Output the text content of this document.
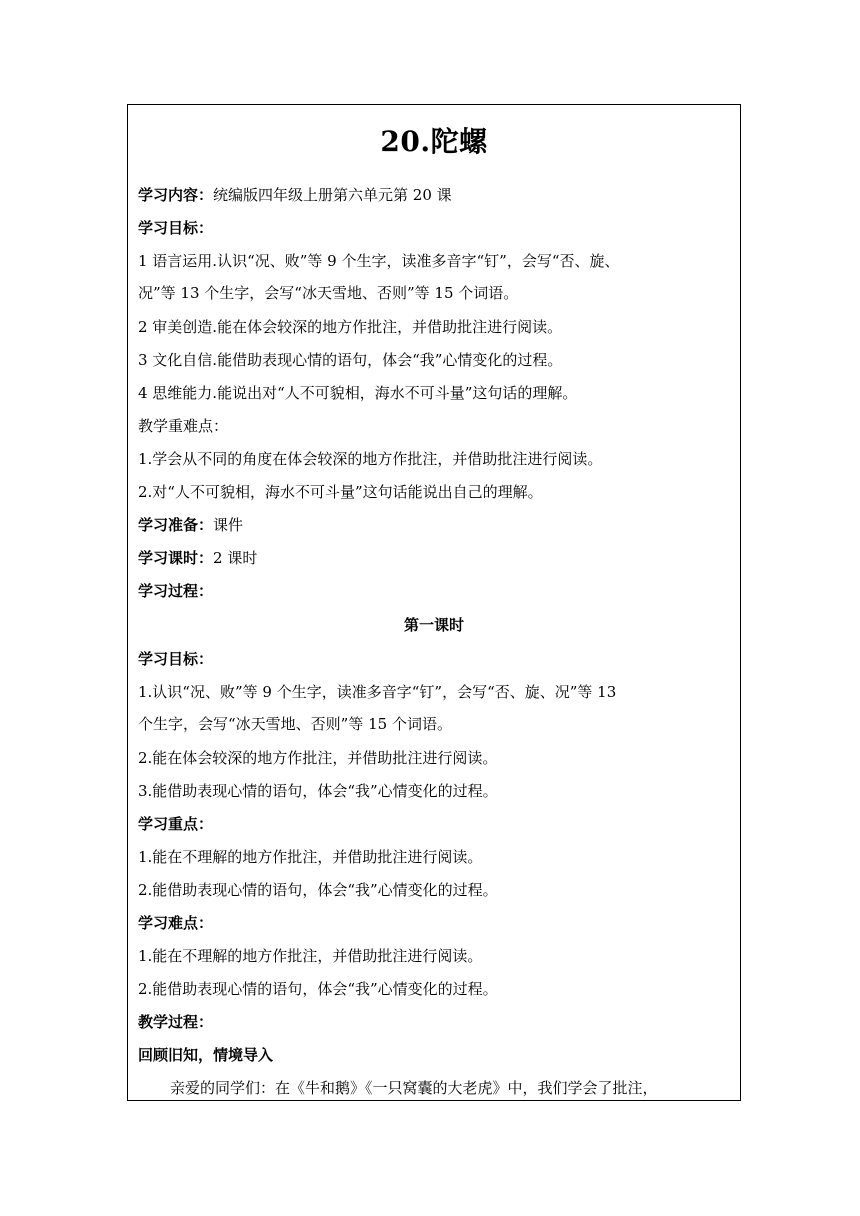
20.陀螺
学习内容：统编版四年级上册第六单元第 20 课
学习目标：
1 语言运用.认识“况、败”等 9 个生字，读准多音字“钉”，会写“否、旋、
况”等 13 个生字，会写“冰天雪地、否则”等 15 个词语。
2 审美创造.能在体会较深的地方作批注，并借助批注进行阅读。
3 文化自信.能借助表现心情的语句，体会“我”心情变化的过程。
4 思维能力.能说出对“人不可貌相，海水不可斗量”这句话的理解。
教学重难点：
1.学会从不同的角度在体会较深的地方作批注，并借助批注进行阅读。
2.对“人不可貌相，海水不可斗量”这句话能说出自己的理解。
学习准备：课件
学习课时：2 课时
学习过程：
第一课时
学习目标：
1.认识“况、败”等 9 个生字，读准多音字“钉”，会写“否、旋、况”等 13
个生字，会写“冰天雪地、否则”等 15 个词语。
2.能在体会较深的地方作批注，并借助批注进行阅读。
3.能借助表现心情的语句，体会“我”心情变化的过程。
学习重点：
1.能在不理解的地方作批注，并借助批注进行阅读。
2.能借助表现心情的语句，体会“我”心情变化的过程。
学习难点：
1.能在不理解的地方作批注，并借助批注进行阅读。
2.能借助表现心情的语句，体会“我”心情变化的过程。
教学过程：
回顾旧知，情境导入
亲爱的同学们：在《牛和鹅》《一只窝囊的大老虎》中，我们学会了批注，
